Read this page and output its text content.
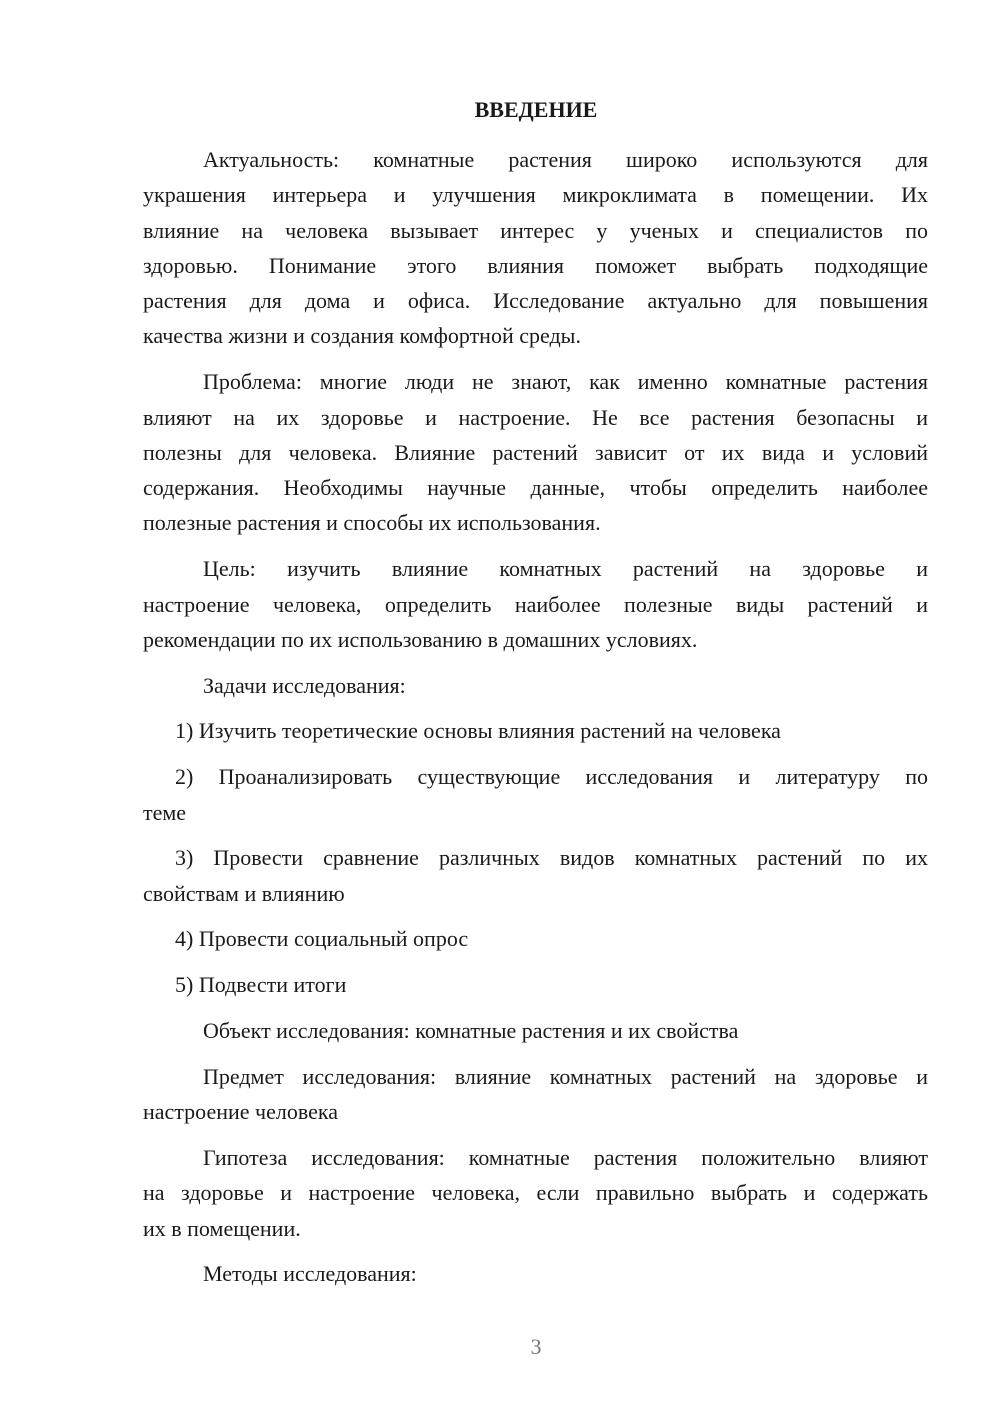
ВВЕДЕНИЕ
Актуальность: комнатные растения широко используются для
украшения интерьера и улучшения микроклимата в помещении. Их
влияние на человека вызывает интерес у ученых и специалистов по
здоровью. Понимание этого влияния поможет выбрать подходящие
растения для дома и офиса. Исследование актуально для повышения
качества жизни и создания комфортной среды.
Проблема: многие люди не знают, как именно комнатные растения
влияют на их здоровье и настроение. Не все растения безопасны и
полезны для человека. Влияние растений зависит от их вида и условий
содержания. Необходимы научные данные, чтобы определить наиболее
полезные растения и способы их использования.
Цель: изучить влияние комнатных растений на здоровье и
настроение человека, определить наиболее полезные виды растений и
рекомендации по их использованию в домашних условиях.
Задачи исследования:
1) Изучить теоретические основы влияния растений на человека
2) Проанализировать существующие исследования и литературу по
теме
3) Провести сравнение различных видов комнатных растений по их
свойствам и влиянию
4) Провести социальный опрос
5) Подвести итоги
Объект исследования: комнатные растения и их свойства
Предмет исследования: влияние комнатных растений на здоровье и
настроение человека
Гипотеза исследования: комнатные растения положительно влияют
на здоровье и настроение человека, если правильно выбрать и содержать
их в помещении.
Методы исследования:
3
